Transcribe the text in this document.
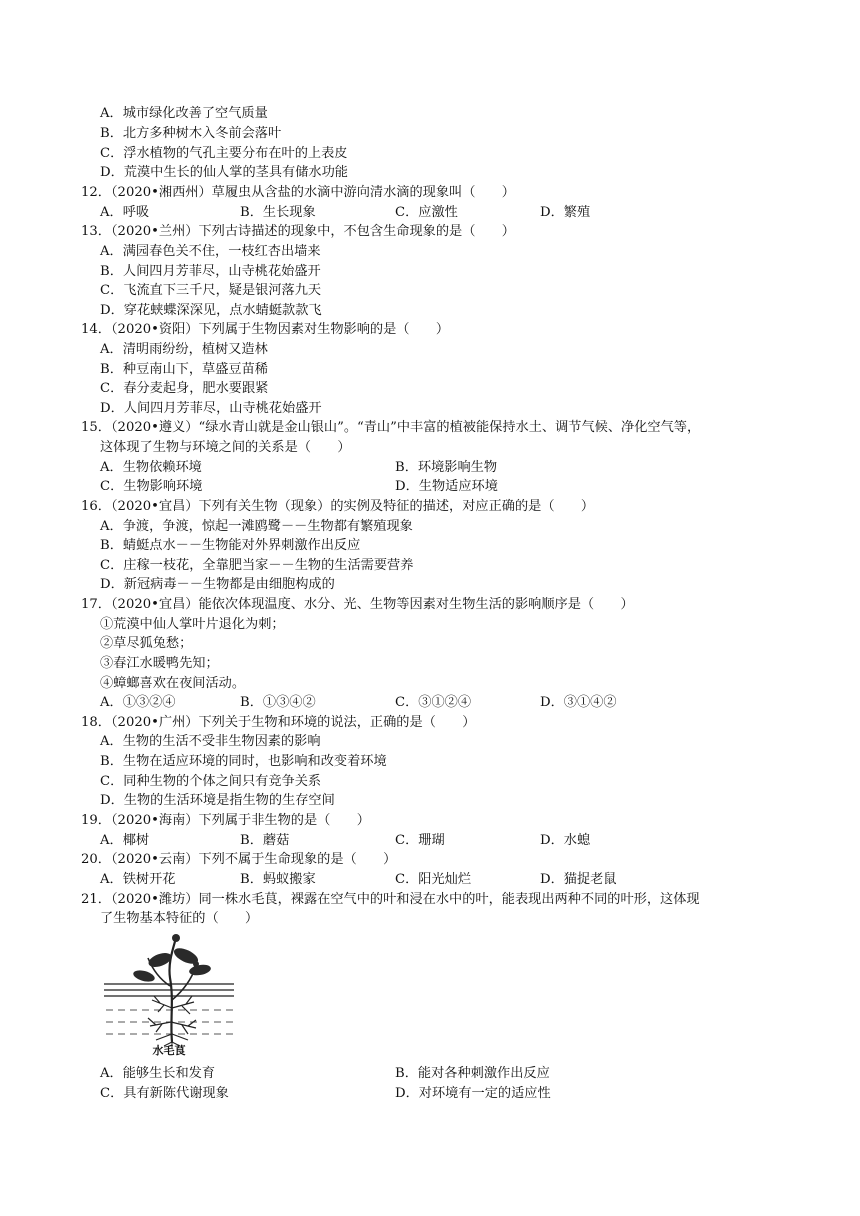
A．城市绿化改善了空气质量
B．北方多种树木入冬前会落叶
C．浮水植物的气孔主要分布在叶的上表皮
D．荒漠中生长的仙人掌的茎具有储水功能
12．（2020•湘西州）草履虫从含盐的水滴中游向清水滴的现象叫（　　）
A．呼吸	B．生长现象	C．应激性	D．繁殖
13．（2020•兰州）下列古诗描述的现象中，不包含生命现象的是（　　）
A．满园春色关不住，一枝红杏出墙来
B．人间四月芳菲尽，山寺桃花始盛开
C．飞流直下三千尺，疑是银河落九天
D．穿花蛱蝶深深见，点水蜻蜓款款飞
14．（2020•资阳）下列属于生物因素对生物影响的是（　　）
A．清明雨纷纷，植树又造林
B．种豆南山下，草盛豆苗稀
C．春分麦起身，肥水要跟紧
D．人间四月芳菲尽，山寺桃花始盛开
15．（2020•遵义）“绿水青山就是金山银山”。“青山”中丰富的植被能保持水土、调节气候、净化空气等，
这体现了生物与环境之间的关系是（　　）
A．生物依赖环境	B．环境影响生物
C．生物影响环境	D．生物适应环境
16．（2020•宜昌）下列有关生物（现象）的实例及特征的描述，对应正确的是（　　）
A．争渡，争渡，惊起一滩鸥鹭－－生物都有繁殖现象
B．蜻蜓点水－－生物能对外界刺激作出反应
C．庄稼一枝花，全靠肥当家－－生物的生活需要营养
D．新冠病毒－－生物都是由细胞构成的
17．（2020•宜昌）能依次体现温度、水分、光、生物等因素对生物生活的影响顺序是（　　）
①荒漠中仙人掌叶片退化为刺；
②草尽狐兔愁；
③春江水暖鸭先知；
④蟑螂喜欢在夜间活动。
A．①③②④	B．①③④②	C．③①②④	D．③①④②
18．（2020•广州）下列关于生物和环境的说法，正确的是（　　）
A．生物的生活不受非生物因素的影响
B．生物在适应环境的同时，也影响和改变着环境
C．同种生物的个体之间只有竞争关系
D．生物的生活环境是指生物的生存空间
19．（2020•海南）下列属于非生物的是（　　）
A．椰树	B．蘑菇	C．珊瑚	D．水螅
20．（2020•云南）下列不属于生命现象的是（　　）
A．铁树开花	B．蚂蚁搬家	C．阳光灿烂	D．猫捉老鼠
21．（2020•潍坊）同一株水毛茛，裸露在空气中的叶和浸在水中的叶，能表现出两种不同的叶形，这体现
了生物基本特征的（　　）
水毛茛
A．能够生长和发育	B．能对各种刺激作出反应
C．具有新陈代谢现象	D．对环境有一定的适应性
